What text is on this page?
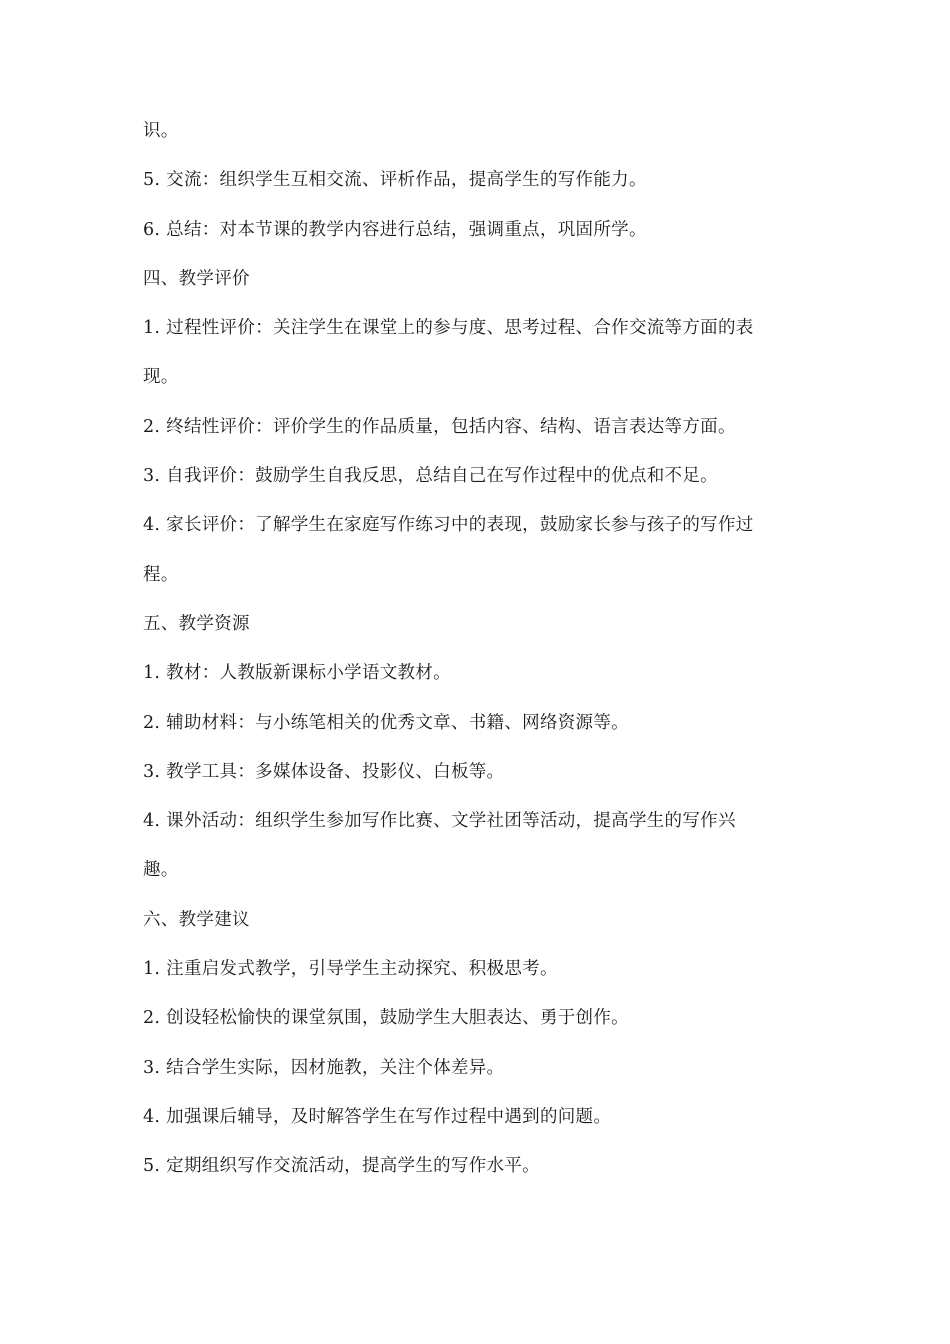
识。
5. 交流：组织学生互相交流、评析作品，提高学生的写作能力。
6. 总结：对本节课的教学内容进行总结，强调重点，巩固所学。
四、教学评价
1. 过程性评价：关注学生在课堂上的参与度、思考过程、合作交流等方面的表
现。
2. 终结性评价：评价学生的作品质量，包括内容、结构、语言表达等方面。
3. 自我评价：鼓励学生自我反思，总结自己在写作过程中的优点和不足。
4. 家长评价：了解学生在家庭写作练习中的表现，鼓励家长参与孩子的写作过
程。
五、教学资源
1. 教材：人教版新课标小学语文教材。
2. 辅助材料：与小练笔相关的优秀文章、书籍、网络资源等。
3. 教学工具：多媒体设备、投影仪、白板等。
4. 课外活动：组织学生参加写作比赛、文学社团等活动，提高学生的写作兴
趣。
六、教学建议
1. 注重启发式教学，引导学生主动探究、积极思考。
2. 创设轻松愉快的课堂氛围，鼓励学生大胆表达、勇于创作。
3. 结合学生实际，因材施教，关注个体差异。
4. 加强课后辅导，及时解答学生在写作过程中遇到的问题。
5. 定期组织写作交流活动，提高学生的写作水平。
